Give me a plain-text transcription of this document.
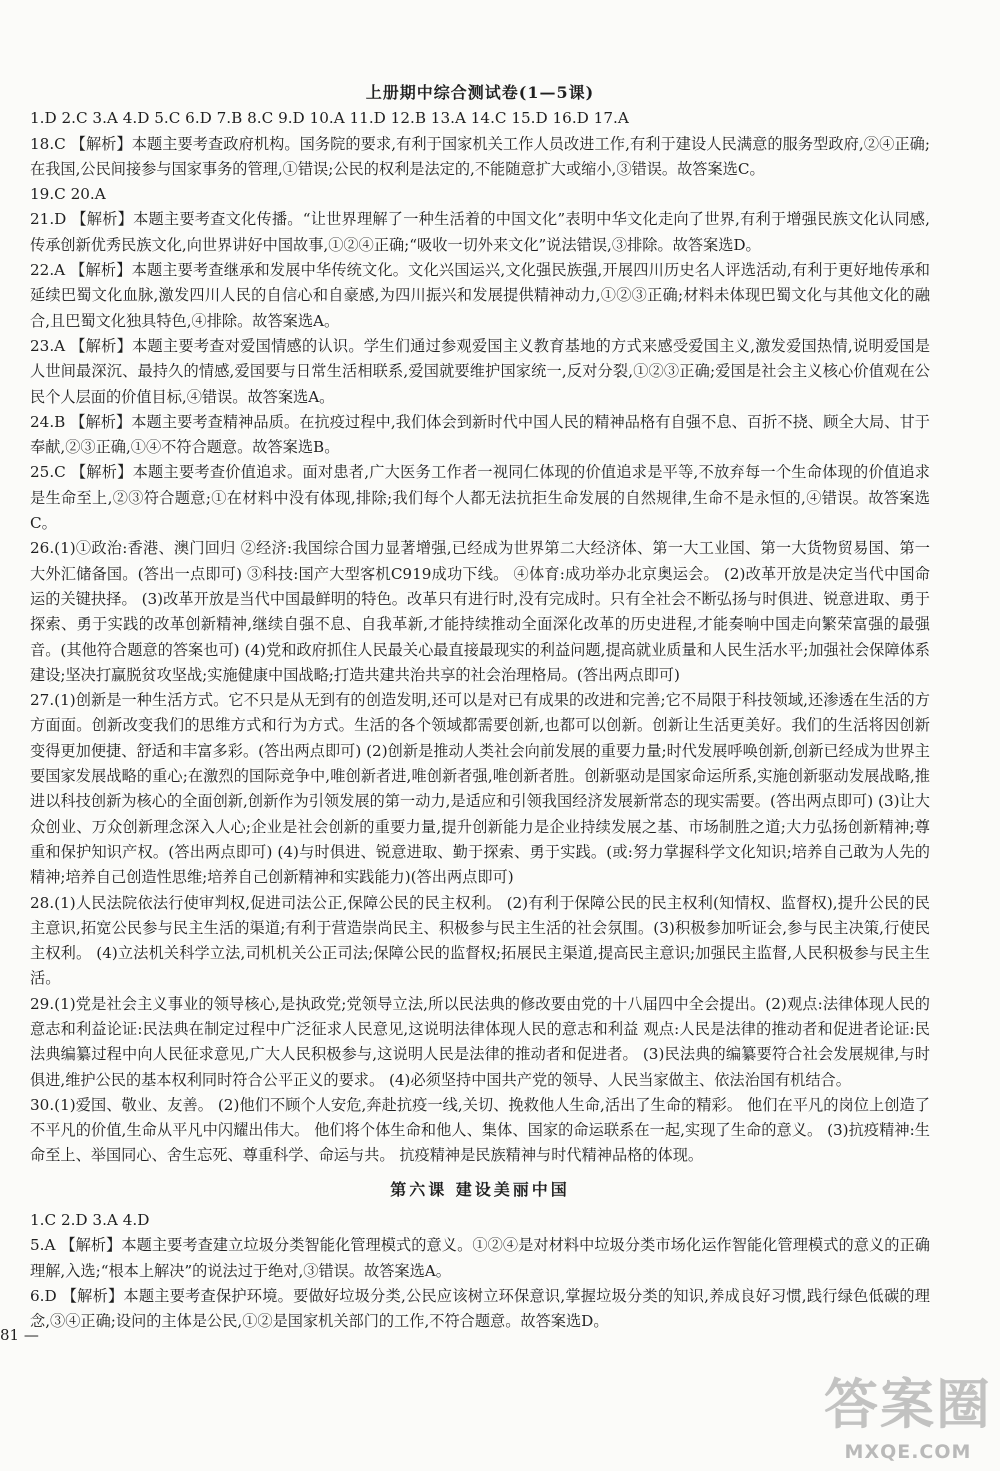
上册期中综合测试卷(1—5课)

1.D 2.C 3.A 4.D 5.C 6.D 7.B 8.C 9.D 10.A 11.D 12.B 13.A 14.C 15.D 16.D 17.A

18.C 【解析】本题主要考查政府机构。国务院的要求,有利于国家机关工作人员改进工作,有利于建设人民满意的服务型政府,②④正确;在我国,公民间接参与国家事务的管理,①错误;公民的权利是法定的,不能随意扩大或缩小,③错误。故答案选C。

19.C 20.A

21.D 【解析】本题主要考查文化传播。“让世界理解了一种生活着的中国文化”表明中华文化走向了世界,有利于增强民族文化认同感,传承创新优秀民族文化,向世界讲好中国故事,①②④正确;“吸收一切外来文化”说法错误,③排除。故答案选D。

22.A 【解析】本题主要考查继承和发展中华传统文化。文化兴国运兴,文化强民族强,开展四川历史名人评选活动,有利于更好地传承和延续巴蜀文化血脉,激发四川人民的自信心和自豪感,为四川振兴和发展提供精神动力,①②③正确;材料未体现巴蜀文化与其他文化的融合,且巴蜀文化独具特色,④排除。故答案选A。

23.A 【解析】本题主要考查对爱国情感的认识。学生们通过参观爱国主义教育基地的方式来感受爱国主义,激发爱国热情,说明爱国是人世间最深沉、最持久的情感,爱国要与日常生活相联系,爱国就要维护国家统一,反对分裂,①②③正确;爱国是社会主义核心价值观在公民个人层面的价值目标,④错误。故答案选A。

24.B 【解析】本题主要考查精神品质。在抗疫过程中,我们体会到新时代中国人民的精神品格有自强不息、百折不挠、顾全大局、甘于奉献,②③正确,①④不符合题意。故答案选B。

25.C 【解析】本题主要考查价值追求。面对患者,广大医务工作者一视同仁体现的价值追求是平等,不放弃每一个生命体现的价值追求是生命至上,②③符合题意;①在材料中没有体现,排除;我们每个人都无法抗拒生命发展的自然规律,生命不是永恒的,④错误。故答案选C。

26.(1)①政治:香港、澳门回归 ②经济:我国综合国力显著增强,已经成为世界第二大经济体、第一大工业国、第一大货物贸易国、第一大外汇储备国。(答出一点即可) ③科技:国产大型客机C919成功下线。 ④体育:成功举办北京奥运会。 (2)改革开放是决定当代中国命运的关键抉择。 (3)改革开放是当代中国最鲜明的特色。改革只有进行时,没有完成时。只有全社会不断弘扬与时俱进、锐意进取、勇于探索、勇于实践的改革创新精神,继续自强不息、自我革新,才能持续推动全面深化改革的历史进程,才能奏响中国走向繁荣富强的最强音。(其他符合题意的答案也可) (4)党和政府抓住人民最关心最直接最现实的利益问题,提高就业质量和人民生活水平;加强社会保障体系建设;坚决打赢脱贫攻坚战;实施健康中国战略;打造共建共治共享的社会治理格局。(答出两点即可)

27.(1)创新是一种生活方式。它不只是从无到有的创造发明,还可以是对已有成果的改进和完善;它不局限于科技领域,还渗透在生活的方方面面。创新改变我们的思维方式和行为方式。生活的各个领域都需要创新,也都可以创新。创新让生活更美好。我们的生活将因创新变得更加便捷、舒适和丰富多彩。(答出两点即可) (2)创新是推动人类社会向前发展的重要力量;时代发展呼唤创新,创新已经成为世界主要国家发展战略的重心;在激烈的国际竞争中,唯创新者进,唯创新者强,唯创新者胜。创新驱动是国家命运所系,实施创新驱动发展战略,推进以科技创新为核心的全面创新,创新作为引领发展的第一动力,是适应和引领我国经济发展新常态的现实需要。(答出两点即可) (3)让大众创业、万众创新理念深入人心;企业是社会创新的重要力量,提升创新能力是企业持续发展之基、市场制胜之道;大力弘扬创新精神;尊重和保护知识产权。(答出两点即可) (4)与时俱进、锐意进取、勤于探索、勇于实践。(或:努力掌握科学文化知识;培养自己敢为人先的精神;培养自己创造性思维;培养自己创新精神和实践能力)(答出两点即可)

28.(1)人民法院依法行使审判权,促进司法公正,保障公民的民主权利。 (2)有利于保障公民的民主权利(知情权、监督权),提升公民的民主意识,拓宽公民参与民主生活的渠道;有利于营造崇尚民主、积极参与民主生活的社会氛围。(3)积极参加听证会,参与民主决策,行使民主权利。 (4)立法机关科学立法,司机机关公正司法;保障公民的监督权;拓展民主渠道,提高民主意识;加强民主监督,人民积极参与民主生活。

29.(1)党是社会主义事业的领导核心,是执政党;党领导立法,所以民法典的修改要由党的十八届四中全会提出。(2)观点:法律体现人民的意志和利益论证:民法典在制定过程中广泛征求人民意见,这说明法律体现人民的意志和利益 观点:人民是法律的推动者和促进者论证:民法典编纂过程中向人民征求意见,广大人民积极参与,这说明人民是法律的推动者和促进者。 (3)民法典的编纂要符合社会发展规律,与时俱进,维护公民的基本权利同时符合公平正义的要求。 (4)必须坚持中国共产党的领导、人民当家做主、依法治国有机结合。

30.(1)爱国、敬业、友善。 (2)他们不顾个人安危,奔赴抗疫一线,关切、挽救他人生命,活出了生命的精彩。 他们在平凡的岗位上创造了不平凡的价值,生命从平凡中闪耀出伟大。 他们将个体生命和他人、集体、国家的命运联系在一起,实现了生命的意义。 (3)抗疫精神:生命至上、举国同心、舍生忘死、尊重科学、命运与共。 抗疫精神是民族精神与时代精神品格的体现。

第六课 建设美丽中国

1.C 2.D 3.A 4.D

5.A 【解析】本题主要考查建立垃圾分类智能化管理模式的意义。①②④是对材料中垃圾分类市场化运作智能化管理模式的意义的正确理解,入选;“根本上解决”的说法过于绝对,③错误。故答案选A。

6.D 【解析】本题主要考查保护环境。要做好垃圾分类,公民应该树立环保意识,掌握垃圾分类的知识,养成良好习惯,践行绿色低碳的理念,③④正确;设问的主体是公民,①②是国家机关部门的工作,不符合题意。故答案选D。

81 —
答案圈
MXQE.COM
